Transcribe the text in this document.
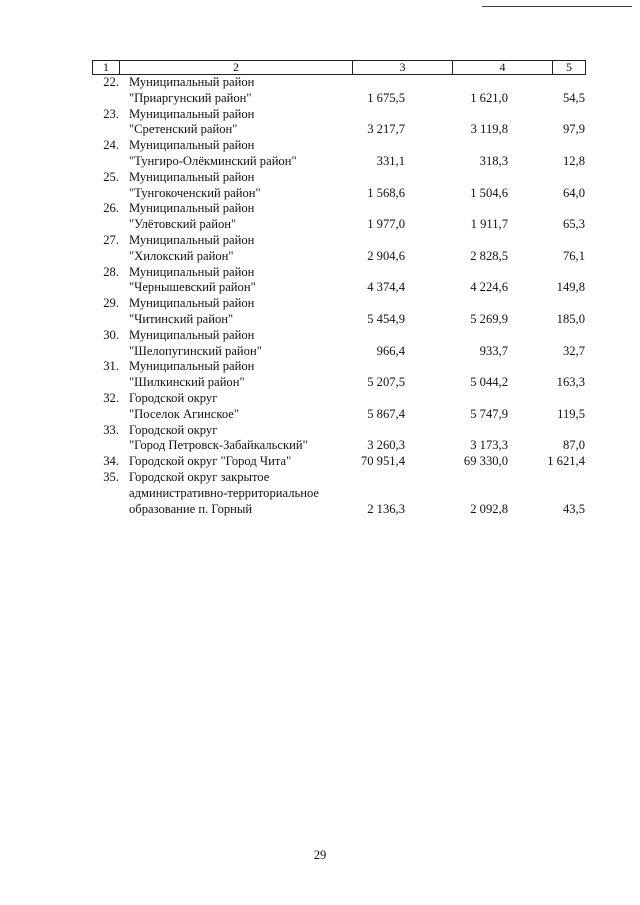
1	2	3	4	5
22. Муниципальный район
"Приаргунский район"	1 675,5	1 621,0	54,5
23. Муниципальный район
"Сретенский район"	3 217,7	3 119,8	97,9
24. Муниципальный район
"Тунгиро-Олёкминский район"	331,1	318,3	12,8
25. Муниципальный район
"Тунгокоченский район"	1 568,6	1 504,6	64,0
26. Муниципальный район
"Улётовский район"	1 977,0	1 911,7	65,3
27. Муниципальный район
"Хилокский район"	2 904,6	2 828,5	76,1
28. Муниципальный район
"Чернышевский район"	4 374,4	4 224,6	149,8
29. Муниципальный район
"Читинский район"	5 454,9	5 269,9	185,0
30. Муниципальный район
"Шелопугинский район"	966,4	933,7	32,7
31. Муниципальный район
"Шилкинский район"	5 207,5	5 044,2	163,3
32. Городской округ
"Поселок Агинское"	5 867,4	5 747,9	119,5
33. Городской округ
"Город Петровск-Забайкальский"	3 260,3	3 173,3	87,0
34. Городской округ "Город Чита"	70 951,4	69 330,0	1 621,4
35. Городской округ закрытое
административно-территориальное
образование п. Горный	2 136,3	2 092,8	43,5
29
